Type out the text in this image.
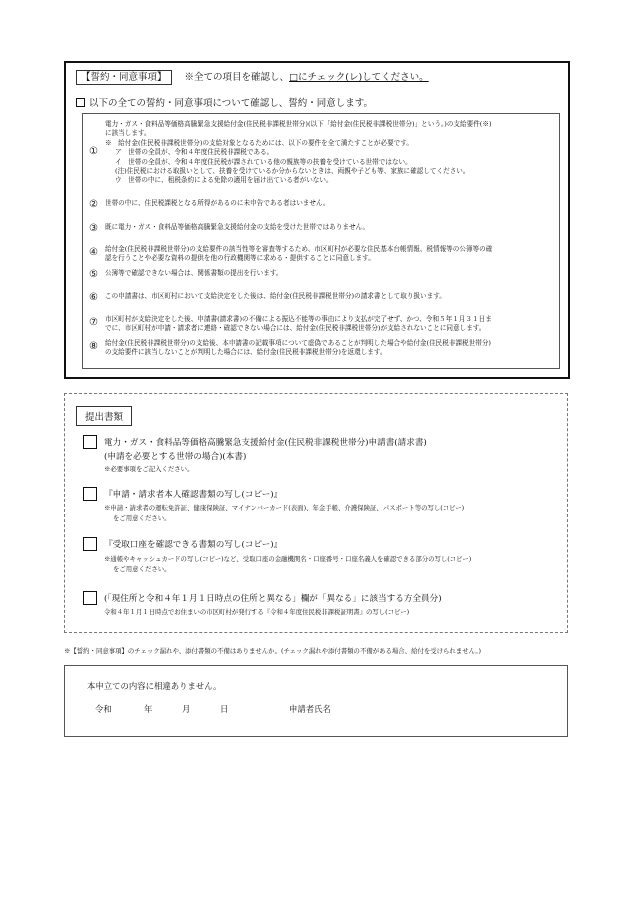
【誓約・同意事項】 ※全ての項目を確認し、□にチェック(レ)してください。
以下の全ての誓約・同意事項について確認し、誓約・同意します。
①
電力・ガス・食料品等価格高騰緊急支援給付金(住民税非課税世帯分)(以下「給付金(住民税非課税世帯分)」という。)の支給要件(※)
に該当します。
※　給付金(住民税非課税世帯分)の支給対象となるためには、以下の要件を全て満たすことが必要です。
ア　世帯の全員が、令和４年度住民税非課税である。
イ　世帯の全員が、令和４年度住民税が課されている他の親族等の扶養を受けている世帯ではない。
(注)住民税における取扱いとして、扶養を受けているか分からないときは、両親や子ども等、家族に確認してください。
ウ　世帯の中に、租税条約による免除の適用を届け出ている者がいない。
② 世帯の中に、住民税課税となる所得があるのに未申告である者はいません。
③ 既に電力・ガス・食料品等価格高騰緊急支援給付金の支給を受けた世帯ではありません。
④ 給付金(住民税非課税世帯分)の支給要件の該当性等を審査等するため、市区町村が必要な住民基本台帳情報、税情報等の公簿等の確
認を行うことや必要な資料の提供を他の行政機関等に求める・提供することに同意します。
⑤ 公簿等で確認できない場合は、関係書類の提出を行います。
⑥ この申請書は、市区町村において支給決定をした後は、給付金(住民税非課税世帯分)の請求書として取り扱います。
⑦ 市区町村が支給決定をした後、申請書(請求書)の不備による振込不能等の事由により支払が完了せず、かつ、令和５年１月３１日ま
でに、市区町村が申請・請求者に連絡・確認できない場合には、給付金(住民税非課税世帯分)が支給されないことに同意します。
⑧ 給付金(住民税非課税世帯分)の支給後、本申請書の記載事項について虚偽であることが判明した場合や給付金(住民税非課税世帯分)
の支給要件に該当しないことが判明した場合には、給付金(住民税非課税世帯分)を返還します。
提出書類
電力・ガス・食料品等価格高騰緊急支援給付金(住民税非課税世帯分)申請書(請求書)
(申請を必要とする世帯の場合)(本書)
※必要事項をご記入ください。
『申請・請求者本人確認書類の写し(コピー)』
※申請・請求者の運転免許証、健康保険証、マイナンバーカード(表面)、年金手帳、介護保険証、パスポート等の写し(コピー)
をご用意ください。
『受取口座を確認できる書類の写し(コピー)』
※通帳やキャッシュカードの写し(コピー)など、受取口座の金融機関名・口座番号・口座名義人を確認できる部分の写し(コピー)
をご用意ください。
(「現住所と令和４年１月１日時点の住所と異なる」欄が「異なる」に該当する方全員分)
令和４年１月１日時点でお住まいの市区町村が発行する『令和４年度住民税非課税証明書』の写し(コピー)
※【誓約・同意事項】のチェック漏れや、添付書類の不備はありませんか。(チェック漏れや添付書類の不備がある場合、給付を受けられません。)
本申立ての内容に相違ありません。
令和	年	月	日	申請者氏名
